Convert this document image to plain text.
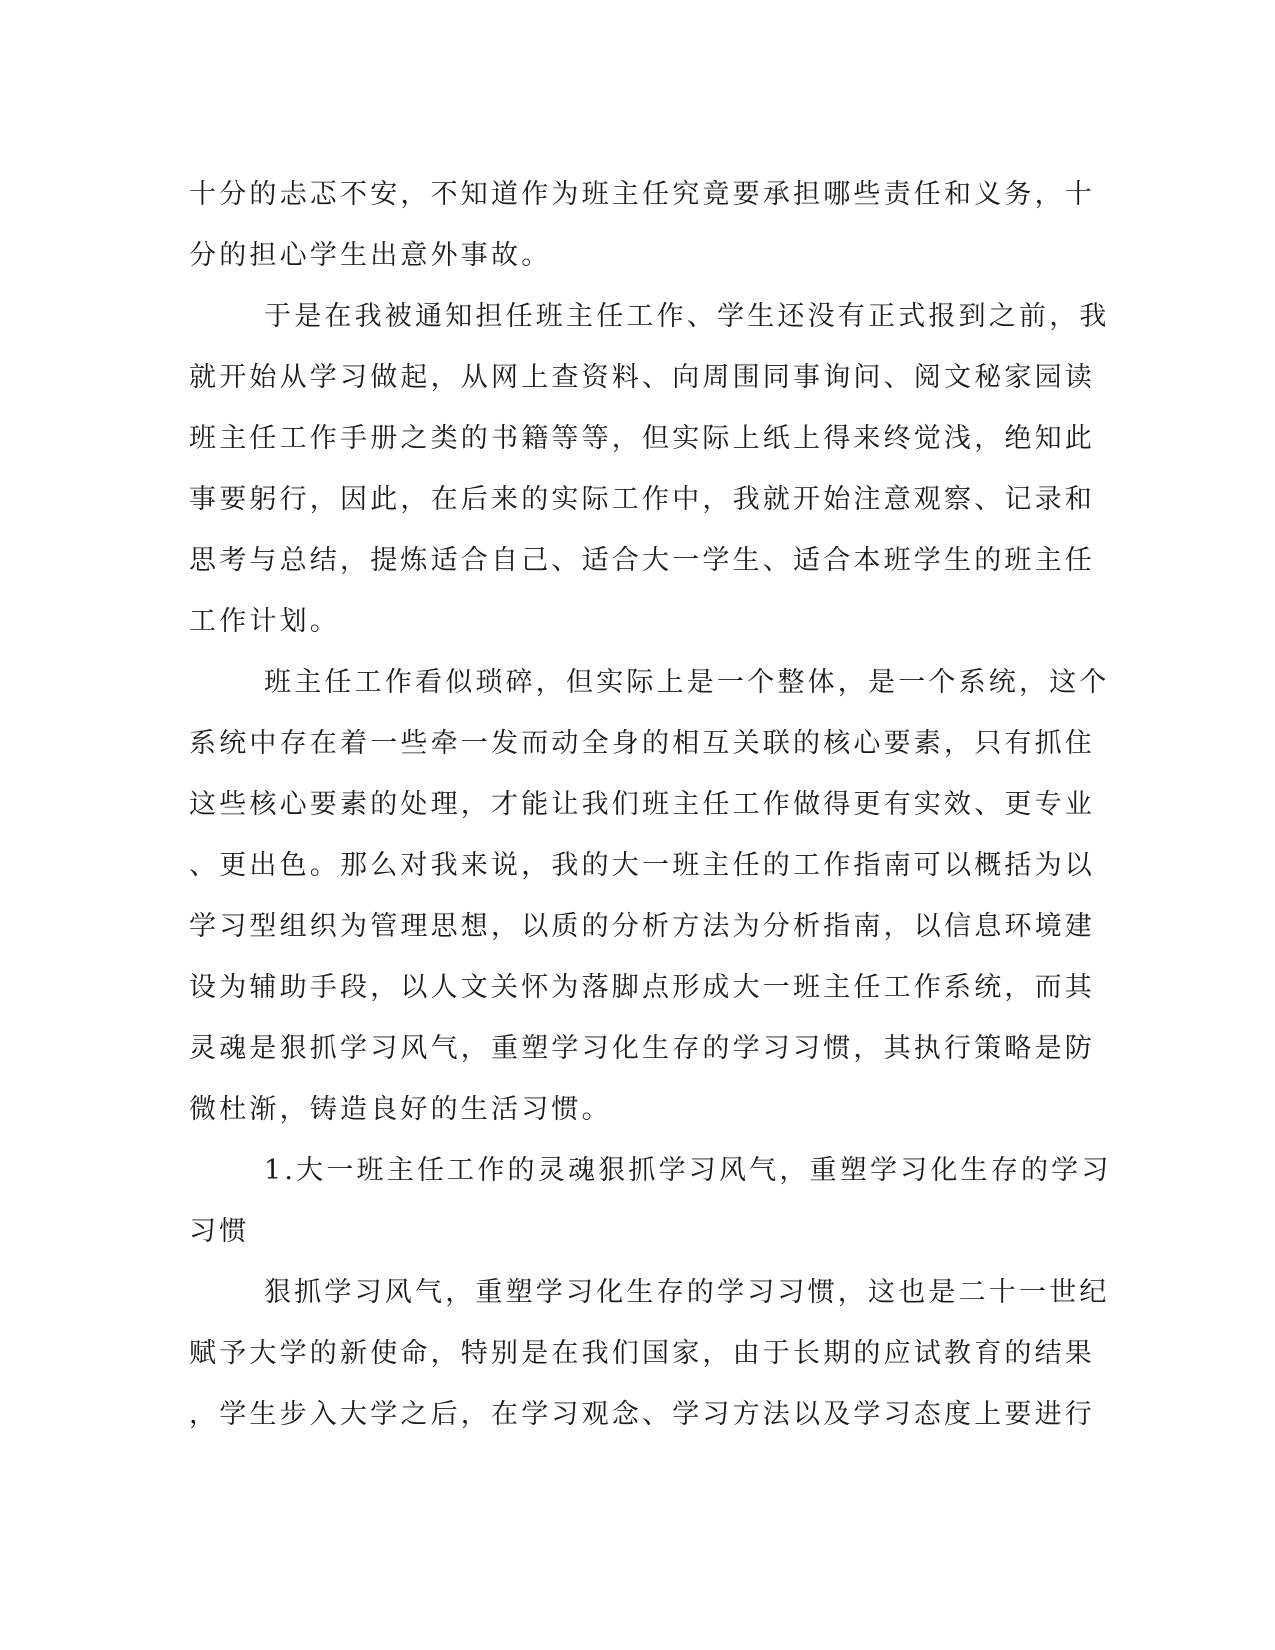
十分的忐忑不安，不知道作为班主任究竟要承担哪些责任和义务，十
分的担心学生出意外事故。
于是在我被通知担任班主任工作、学生还没有正式报到之前，我
就开始从学习做起，从网上查资料、向周围同事询问、阅文秘家园读
班主任工作手册之类的书籍等等，但实际上纸上得来终觉浅，绝知此
事要躬行，因此，在后来的实际工作中，我就开始注意观察、记录和
思考与总结，提炼适合自己、适合大一学生、适合本班学生的班主任
工作计划。
班主任工作看似琐碎，但实际上是一个整体，是一个系统，这个
系统中存在着一些牵一发而动全身的相互关联的核心要素，只有抓住
这些核心要素的处理，才能让我们班主任工作做得更有实效、更专业
、更出色。那么对我来说，我的大一班主任的工作指南可以概括为以
学习型组织为管理思想，以质的分析方法为分析指南，以信息环境建
设为辅助手段，以人文关怀为落脚点形成大一班主任工作系统，而其
灵魂是狠抓学习风气，重塑学习化生存的学习习惯，其执行策略是防
微杜渐，铸造良好的生活习惯。
1.大一班主任工作的灵魂狠抓学习风气，重塑学习化生存的学习
习惯
狠抓学习风气，重塑学习化生存的学习习惯，这也是二十一世纪
赋予大学的新使命，特别是在我们国家，由于长期的应试教育的结果
，学生步入大学之后，在学习观念、学习方法以及学习态度上要进行
